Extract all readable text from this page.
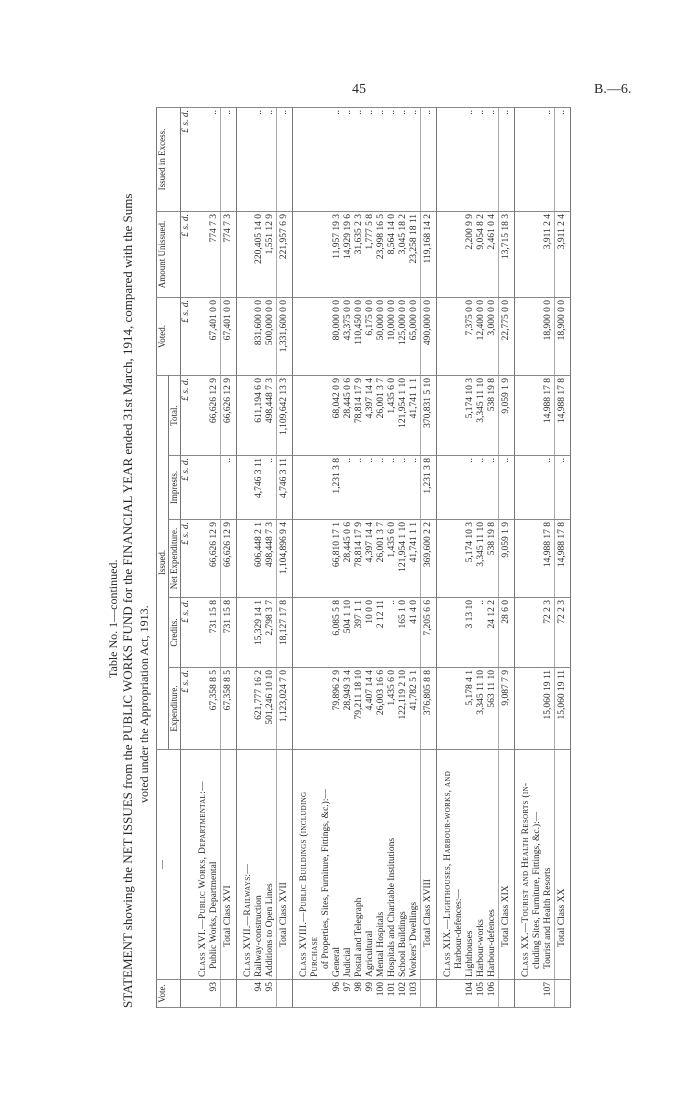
45	B.—6.
Table No. 1—continued. STATEMENT showing the NET ISSUES from the PUBLIC WORKS FUND for the FINANCIAL YEAR ended 31st March, 1914, compared with the Sums voted under the Appropriation Act, 1913.
Vote.	—	Issued.					Voted.	Amount Unissued.	Issued in Excess.
		Expenditure.	Credits.	Net Expenditure.	Imprests.	Total.			
		£ s. d.	£ s. d.	£ s. d.	£ s. d.	£ s. d.	£ s. d.	£ s. d.	£ s. d.
93	Class XVI.—Public Works, Departmental:—
Public Works, Departmental	67,358 8 5	731 15 8	66,626 12 9		66,626 12 9	67,401 0 0	774 7 3	..
	Total Class XVI	67,358 8 5	731 15 8	66,626 12 9	..	66,626 12 9	67,401 0 0	774 7 3	..
	Class XVII.—Railways:—								
94	Railway-construction	621,777 16 2	15,329 14 1	606,448 2 1	4,746 3 11	611,194 6 0	831,600 0 0	220,405 14 0	..
95	Additions to Open Lines	501,246 10 10	2,798 3 7	498,448 7 3	..	498,448 7 3	500,000 0 0	1,551 12 9	..
	Total Class XVII	1,123,024 7 0	18,127 17 8	1,104,896 9 4	4,746 3 11	1,109,642 13 3	1,331,600 0 0	221,957 6 9	..
	Class XVIII.—Public Buildings (including Purchase
of Properties, Sites, Furniture, Fittings, &c.):—								
96	General	79,896 2 9	6,085 5 8	66,810 17 1	1,231 3 8	68,042 0 9	80,000 0 0	11,957 19 3	..
97	Judicial	28,949 3 4	504 1 10	28,445 0 6	..	28,445 0 6	43,375 0 0	14,929 19 6	..
98	Postal and Telegraph	79,211 18 10	397 1 1	78,814 17 9	..	78,814 17 9	110,450 0 0	31,635 2 3	..
99	Agricultural	4,407 14 4	10 0 0	4,397 14 4	..	4,397 14 4	6,175 0 0	1,777 5 8	..
100	Mental Hospitals	26,003 16 6	2 12 11	26,001 3 7	..	26,001 3 7	50,000 0 0	23,998 16 5	..
101	Hospitals and Charitable Institutions	1,435 6 0	..	1,435 6 0	..	1,435 6 0	10,000 0 0	8,564 14 0	..
102	School Buildings	122,119 2 10	165 1 0	121,954 1 10	..	121,954 1 10	125,000 0 0	3,045 18 2	..
103	Workers' Dwellings	41,782 5 1	41 4 0	41,741 1 1	..	41,741 1 1	65,000 0 0	23,258 18 11	..
	Total Class XVIII	376,805 8 8	7,205 6 6	369,600 2 2	1,231 3 8	370,831 5 10	490,000 0 0	119,168 14 2	..
	Class XIX.—Lighthouses, Harbour-works, and
Harbour-defences:—								
104	Lighthouses	5,178 4 1	3 13 10	5,174 10 3	..	5,174 10 3	7,375 0 0	2,200 9 9	..
105	Harbour-works	3,345 11 10	..	3,345 11 10	..	3,345 11 10	12,400 0 0	9,054 8 2	..
106	Harbour-defences	563 11 10	24 12 2	538 19 8	..	538 19 8	3,000 0 0	2,461 0 4	..
	Total Class XIX	9,087 7 9	28 6 0	9,059 1 9	..	9,059 1 9	22,775 0 0	13,715 18 3	..
107	Class XX.—Tourist and Health Resorts (in-
cluding Sites, Furniture, Fittings, &c.):—
Tourist and Health Resorts	15,060 19 11	72 2 3	14,988 17 8	..	14,988 17 8	18,900 0 0	3,911 2 4	..
	Total Class XX	15,060 19 11	72 2 3	14,988 17 8	..	14,988 17 8	18,900 0 0	3,911 2 4	..
